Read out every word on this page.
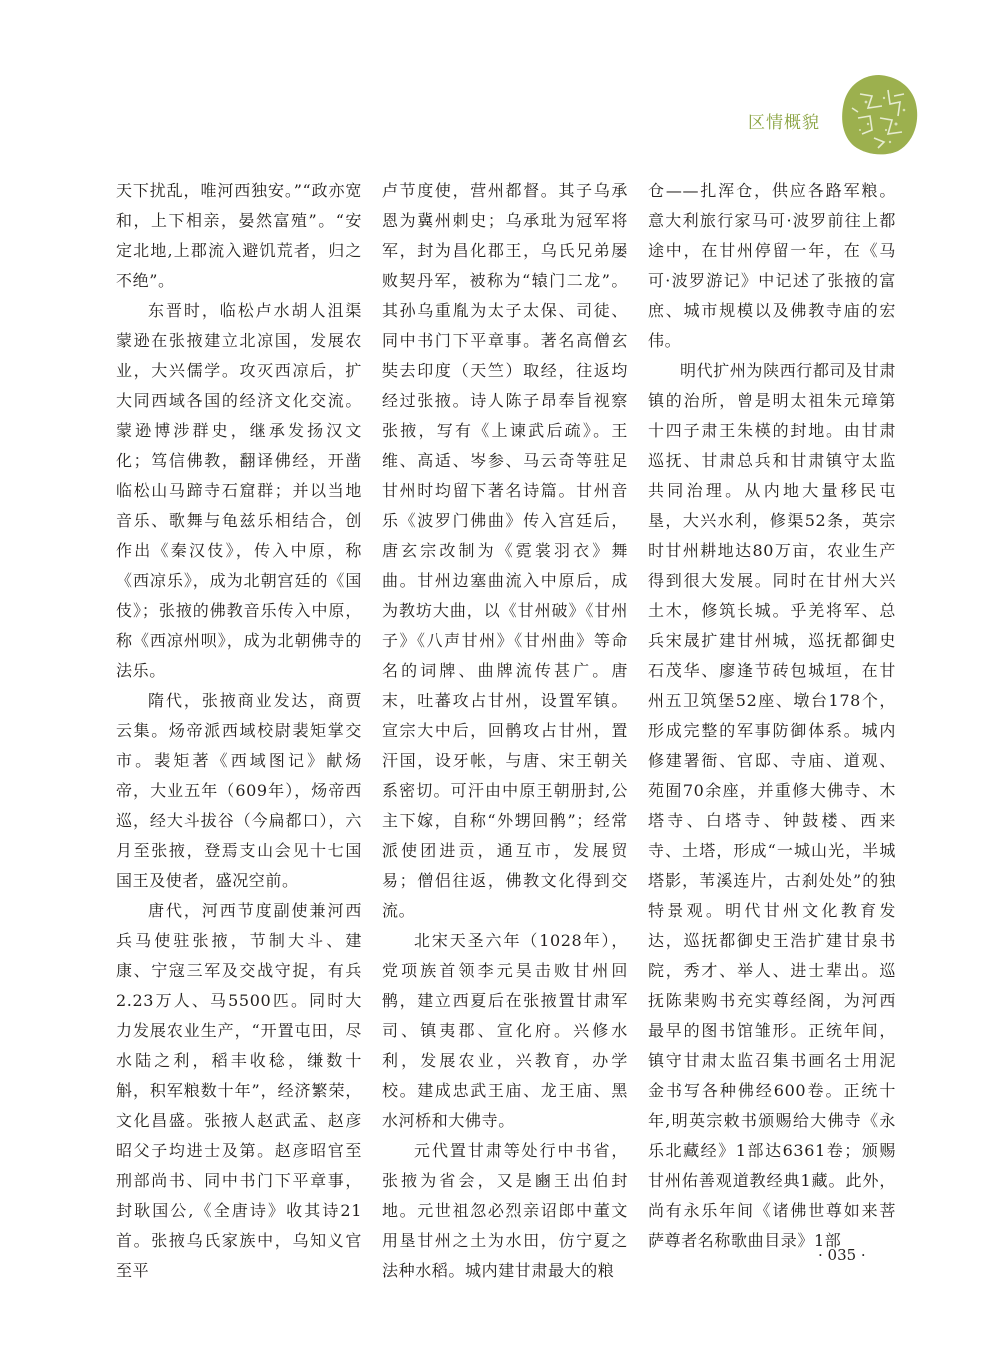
区情概貌

天下扰乱，唯河西独安。”“政亦宽和，上下相亲，晏然富殖”。“安定北地,上郡流入避饥荒者，归之不绝”。

东晋时，临松卢水胡人沮渠蒙逊在张掖建立北凉国，发展农业，大兴儒学。攻灭西凉后，扩大同西域各国的经济文化交流。蒙逊博涉群史，继承发扬汉文化；笃信佛教，翻译佛经，开凿临松山马蹄寺石窟群；并以当地音乐、歌舞与龟兹乐相结合，创作出《秦汉伎》，传入中原，称《西凉乐》，成为北朝宫廷的《国伎》；张掖的佛教音乐传入中原，称《西凉州呗》，成为北朝佛寺的法乐。

隋代，张掖商业发达，商贾云集。炀帝派西域校尉裴矩掌交市。裴矩著《西域图记》献炀帝，大业五年（609年），炀帝西巡，经大斗拔谷（今扁都口），六月至张掖，登焉支山会见十七国国王及使者，盛况空前。

唐代，河西节度副使兼河西兵马使驻张掖，节制大斗、建康、宁寇三军及交战守捉，有兵2.23万人、马5500匹。同时大力发展农业生产，“开置屯田，尽水陆之利，稻丰收稔，缣数十斛，积军粮数十年”，经济繁荣，文化昌盛。张掖人赵武孟、赵彦昭父子均进士及第。赵彦昭官至刑部尚书、同中书门下平章事，封耿国公,《全唐诗》收其诗21首。张掖乌氏家族中，乌知义官至平

卢节度使，营州都督。其子乌承恩为冀州刺史；乌承玭为冠军将军，封为昌化郡王，乌氏兄弟屡败契丹军，被称为“辕门二龙”。其孙乌重胤为太子太保、司徒、同中书门下平章事。著名高僧玄奘去印度（天竺）取经，往返均经过张掖。诗人陈子昂奉旨视察张掖，写有《上谏武后疏》。王维、高适、岑参、马云奇等驻足甘州时均留下著名诗篇。甘州音乐《波罗门佛曲》传入宫廷后，唐玄宗改制为《霓裳羽衣》舞曲。甘州边塞曲流入中原后，成为教坊大曲，以《甘州破》《甘州子》《八声甘州》《甘州曲》等命名的词牌、曲牌流传甚广。唐末，吐蕃攻占甘州，设置军镇。宣宗大中后，回鹘攻占甘州，置汗国，设牙帐，与唐、宋王朝关系密切。可汗由中原王朝册封,公主下嫁，自称“外甥回鹘”；经常派使团进贡，通互市，发展贸易；僧侣往返，佛教文化得到交流。

北宋天圣六年（1028年），党项族首领李元昊击败甘州回鹘，建立西夏后在张掖置甘肃军司、镇夷郡、宣化府。兴修水利，发展农业，兴教育，办学校。建成忠武王庙、龙王庙、黑水河桥和大佛寺。

元代置甘肃等处行中书省，张掖为省会，又是豳王出伯封地。元世祖忽必烈亲诏郎中董文用垦甘州之土为水田，仿宁夏之法种水稻。城内建甘肃最大的粮

仓——扎浑仓，供应各路军粮。意大利旅行家马可·波罗前往上都途中，在甘州停留一年，在《马可·波罗游记》中记述了张掖的富庶、城市规模以及佛教寺庙的宏伟。

明代扩州为陕西行都司及甘肃镇的治所，曾是明太祖朱元璋第十四子肃王朱楧的封地。由甘肃巡抚、甘肃总兵和甘肃镇守太监共同治理。从内地大量移民屯垦，大兴水利，修渠52条，英宗时甘州耕地达80万亩，农业生产得到很大发展。同时在甘州大兴土木，修筑长城。乎羌将军、总兵宋晟扩建甘州城，巡抚都御史石茂华、廖逢节砖包城垣，在甘州五卫筑堡52座、墩台178个，形成完整的军事防御体系。城内修建署衙、官邸、寺庙、道观、苑囿70余座，并重修大佛寺、木塔寺、白塔寺、钟鼓楼、西来寺、土塔，形成“一城山光，半城塔影，苇溪连片，古刹处处”的独特景观。明代甘州文化教育发达，巡抚都御史王浩扩建甘泉书院，秀才、举人、进士辈出。巡抚陈棐购书充实尊经阁，为河西最早的图书馆雏形。正统年间，镇守甘肃太监召集书画名士用泥金书写各种佛经600卷。正统十年,明英宗敕书颁赐给大佛寺《永乐北藏经》1部达6361卷；颁赐甘州佑善观道教经典1藏。此外，尚有永乐年间《诸佛世尊如来菩萨尊者名称歌曲目录》1部

· 035 ·
